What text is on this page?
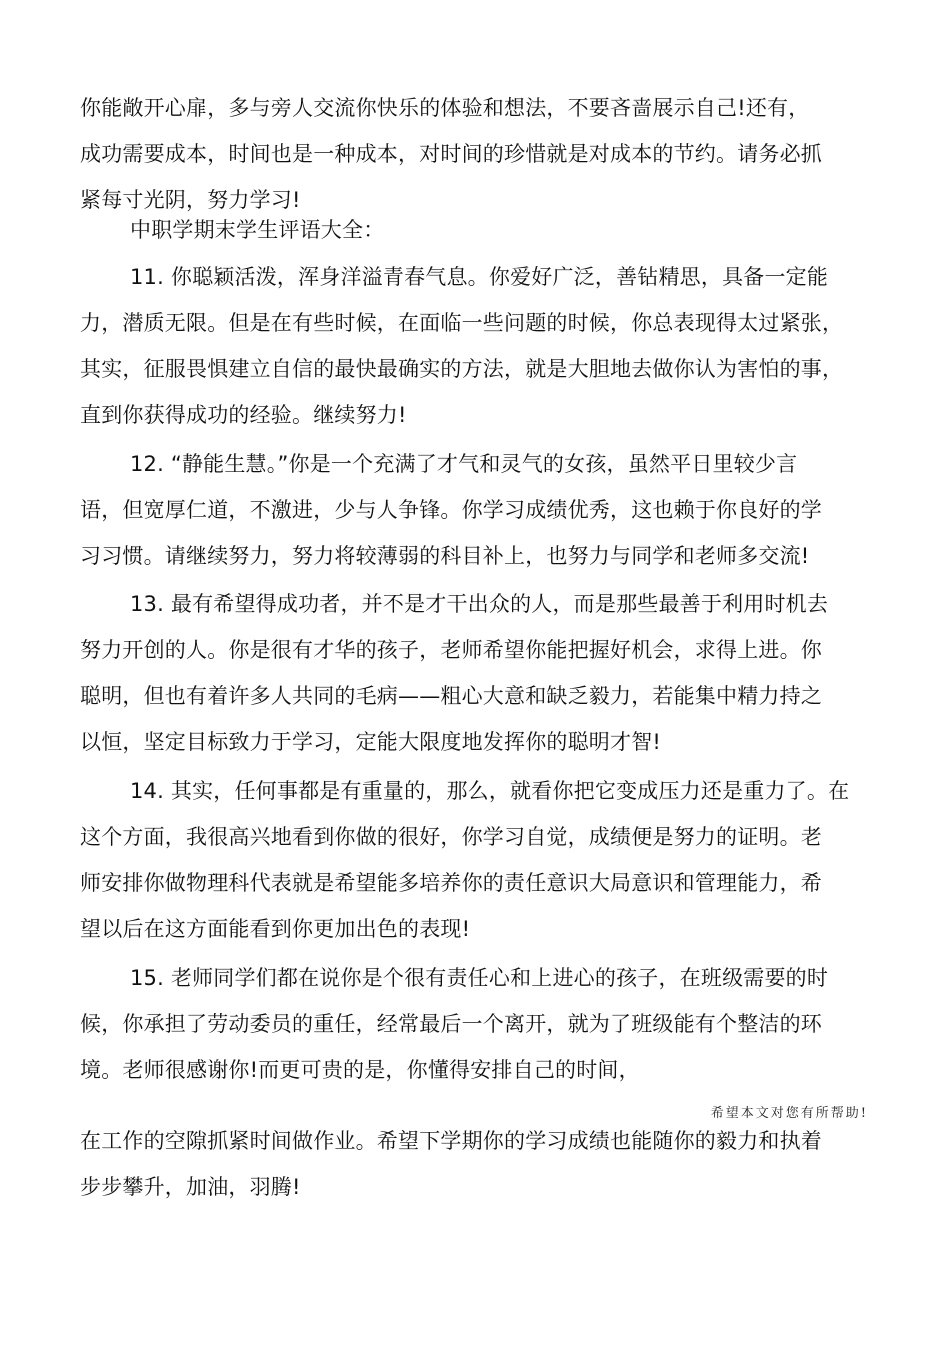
你能敞开心扉，多与旁人交流你快乐的体验和想法，不要吝啬展示自己!还有，
成功需要成本，时间也是一种成本，对时间的珍惜就是对成本的节约。请务必抓
紧每寸光阴，努力学习!

中职学期末学生评语大全：

11. 你聪颖活泼，浑身洋溢青春气息。你爱好广泛，善钻精思，具备一定能
力，潜质无限。但是在有些时候，在面临一些问题的时候，你总表现得太过紧张，
其实，征服畏惧建立自信的最快最确实的方法，就是大胆地去做你认为害怕的事，
直到你获得成功的经验。继续努力!

12. “静能生慧。”你是一个充满了才气和灵气的女孩，虽然平日里较少言
语，但宽厚仁道，不激进，少与人争锋。你学习成绩优秀，这也赖于你良好的学
习习惯。请继续努力，努力将较薄弱的科目补上，也努力与同学和老师多交流!

13. 最有希望得成功者，并不是才干出众的人，而是那些最善于利用时机去
努力开创的人。你是很有才华的孩子，老师希望你能把握好机会，求得上进。你
聪明，但也有着许多人共同的毛病——粗心大意和缺乏毅力，若能集中精力持之
以恒，坚定目标致力于学习，定能大限度地发挥你的聪明才智!

14. 其实，任何事都是有重量的，那么，就看你把它变成压力还是重力了。在
这个方面，我很高兴地看到你做的很好，你学习自觉，成绩便是努力的证明。老
师安排你做物理科代表就是希望能多培养你的责任意识大局意识和管理能力，希
望以后在这方面能看到你更加出色的表现!

15. 老师同学们都在说你是个很有责任心和上进心的孩子，在班级需要的时
候，你承担了劳动委员的重任，经常最后一个离开，就为了班级能有个整洁的环
境。老师很感谢你!而更可贵的是，你懂得安排自己的时间，

希望本文对您有所帮助!

在工作的空隙抓紧时间做作业。希望下学期你的学习成绩也能随你的毅力和执着
步步攀升，加油，羽腾!
